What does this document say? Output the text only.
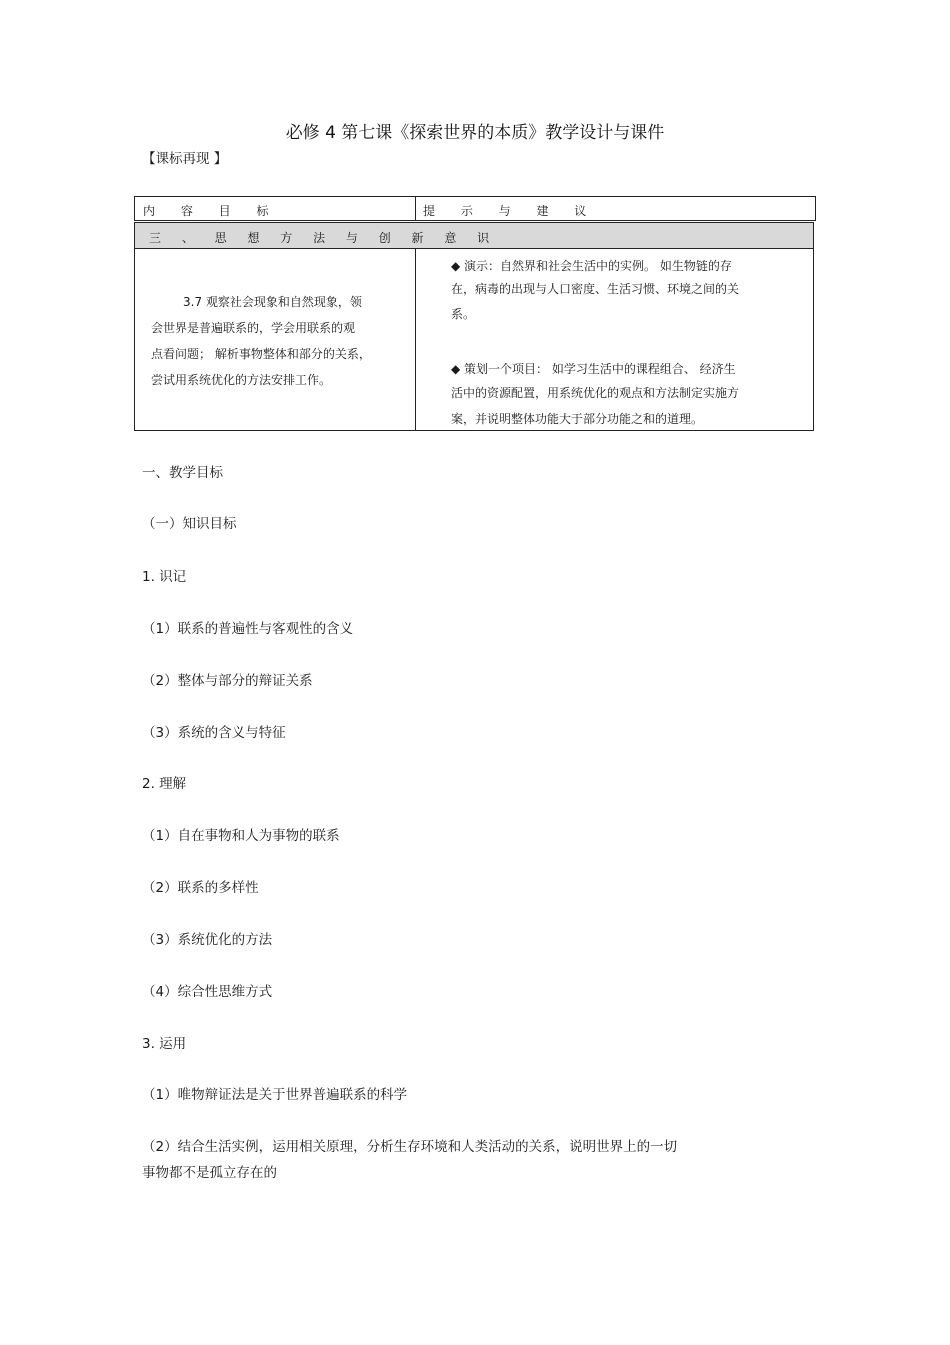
必修 4 第七课《探索世界的本质》教学设计与课件
【课标再现 】
内 容 目 标	提 示 与 建 议
三 、 思 想 方 法 与 创 新 意 识
3.7 观察社会现象和自然现象，领
会世界是普遍联系的，学会用联系的观
点看问题； 解析事物整体和部分的关系，
尝试用系统优化的方法安排工作。
◆ 演示：自然界和社会生活中的实例。 如生物链的存
在，病毒的出现与人口密度、生活习惯、环境之间的关
系。
◆ 策划一个项目： 如学习生活中的课程组合、 经济生
活中的资源配置，用系统优化的观点和方法制定实施方
案，并说明整体功能大于部分功能之和的道理。
一、教学目标
（一）知识目标
1. 识记
（1）联系的普遍性与客观性的含义
（2）整体与部分的辩证关系
（3）系统的含义与特征
2. 理解
（1）自在事物和人为事物的联系
（2）联系的多样性
（3）系统优化的方法
（4）综合性思维方式
3. 运用
（1）唯物辩证法是关于世界普遍联系的科学
（2）结合生活实例，运用相关原理，分析生存环境和人类活动的关系，说明世界上的一切
事物都不是孤立存在的
